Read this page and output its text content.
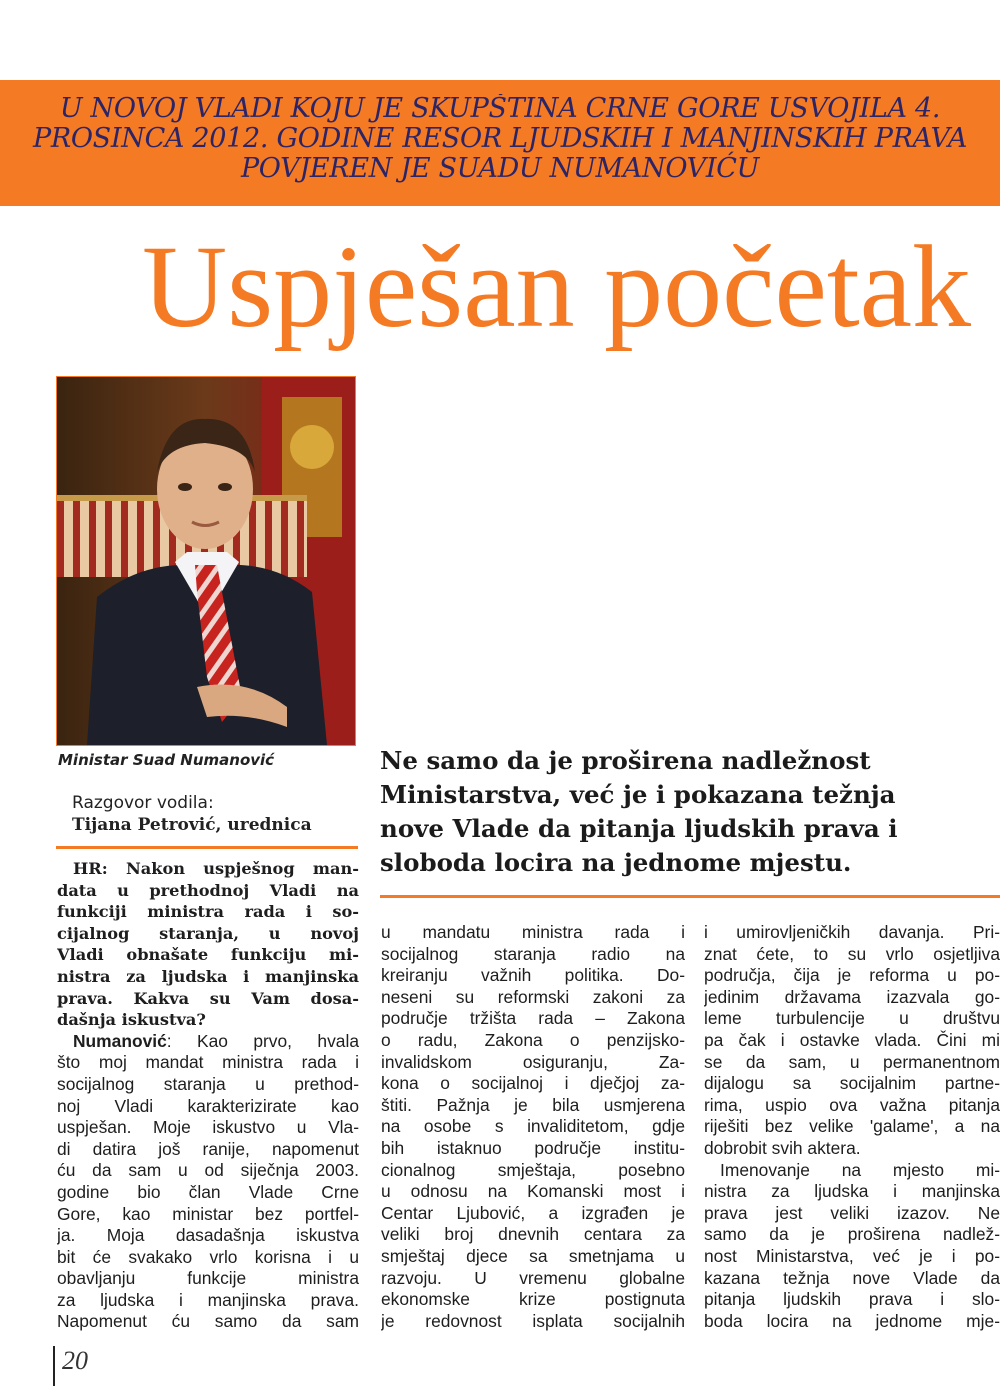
U NOVOJ VLADI KOJU JE SKUPŠTINA CRNE GORE USVOJILA 4.
PROSINCA 2012. GODINE RESOR LJUDSKIH I MANJINSKIH PRAVA
POVJEREN JE SUADU NUMANOVIĆU
Uspješan početak
Ministar Suad Numanović
Razgovor vodila:
Tijana Petrović, urednica
Ne samo da je proširena nadležnost
Ministarstva, već je i pokazana težnja
nove Vlade da pitanja ljudskih prava i
sloboda locira na jednome mjestu.
HR: Nakon uspješnog man-
data u prethodnoj Vladi na
funkciji ministra rada i so-
cijalnog staranja, u novoj
Vladi obnašate funkciju mi-
nistra za ljudska i manjinska
prava. Kakva su Vam dosa-
dašnja iskustva?
Numanović: Kao prvo, hvala
što moj mandat ministra rada i
socijalnog staranja u prethod-
noj Vladi karakterizirate kao
uspješan. Moje iskustvo u Vla-
di datira još ranije, napomenut
ću da sam u od siječnja 2003.
godine bio član Vlade Crne
Gore, kao ministar bez portfel-
ja. Moja dasadašnja iskustva
bit će svakako vrlo korisna i u
obavljanju funkcije ministra
za ljudska i manjinska prava.
Napomenut ću samo da sam
u mandatu ministra rada i
socijalnog staranja radio na
kreiranju važnih politika. Do-
neseni su reformski zakoni za
područje tržišta rada – Zakona
o radu, Zakona o penzijsko-
invalidskom osiguranju, Za-
kona o socijalnoj i dječjoj za-
štiti. Pažnja je bila usmjerena
na osobe s invaliditetom, gdje
bih istaknuo područje institu-
cionalnog smještaja, posebno
u odnosu na Komanski most i
Centar Ljubović, a izgrađen je
veliki broj dnevnih centara za
smještaj djece sa smetnjama u
razvoju. U vremenu globalne
ekonomske krize postignuta
je redovnost isplata socijalnih
i umirovljeničkih davanja. Pri-
znat ćete, to su vrlo osjetljiva
područja, čija je reforma u po-
jedinim državama izazvala go-
leme turbulencije u društvu
pa čak i ostavke vlada. Čini mi
se da sam, u permanentnom
dijalogu sa socijalnim partne-
rima, uspio ova važna pitanja
riješiti bez velike 'galame', a na
dobrobit svih aktera.
Imenovanje na mjesto mi-
nistra za ljudska i manjinska
prava jest veliki izazov. Ne
samo da je proširena nadlež-
nost Ministarstva, već je i po-
kazana težnja nove Vlade da
pitanja ljudskih prava i slo-
boda locira na jednome mje-
20
